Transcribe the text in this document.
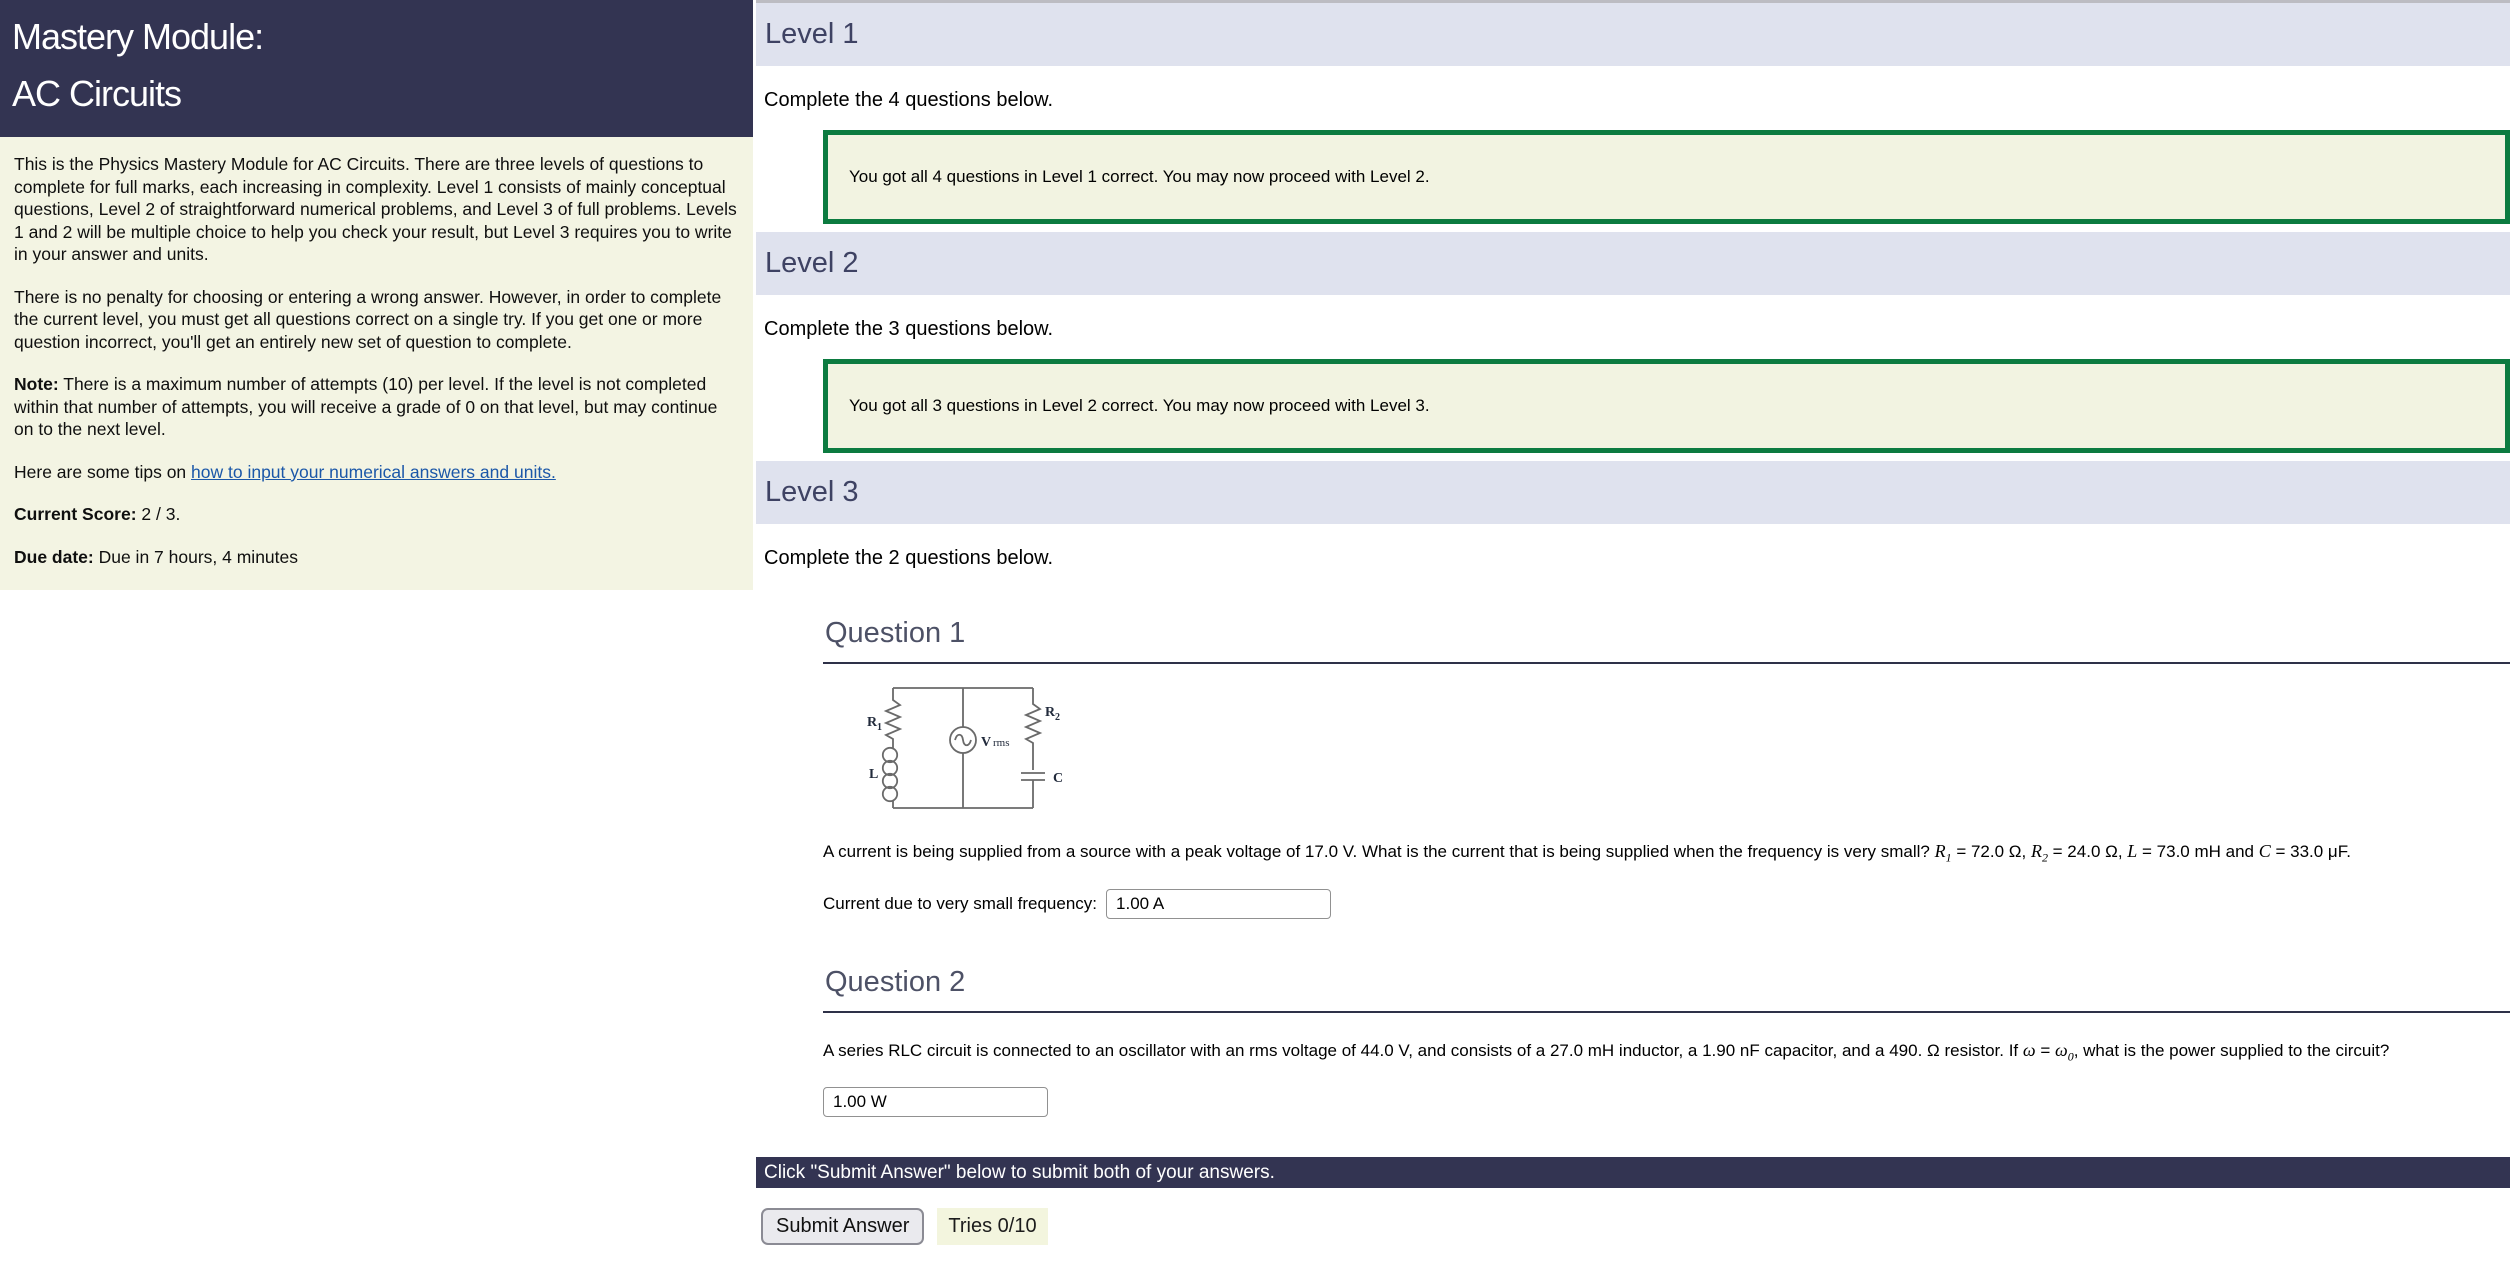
Mastery Module:
AC Circuits

This is the Physics Mastery Module for AC Circuits. There are three levels of questions to complete for full marks, each increasing in complexity. Level 1 consists of mainly conceptual questions, Level 2 of straightforward numerical problems, and Level 3 of full problems. Levels 1 and 2 will be multiple choice to help you check your result, but Level 3 requires you to write in your answer and units.

There is no penalty for choosing or entering a wrong answer. However, in order to complete the current level, you must get all questions correct on a single try. If you get one or more question incorrect, you'll get an entirely new set of question to complete.

Note: There is a maximum number of attempts (10) per level. If the level is not completed within that number of attempts, you will receive a grade of 0 on that level, but may continue on to the next level.

Here are some tips on how to input your numerical answers and units.

Current Score: 2 / 3.

Due date: Due in 7 hours, 4 minutes

Level 1
Complete the 4 questions below.
You got all 4 questions in Level 1 correct. You may now proceed with Level 2.
Level 2
Complete the 3 questions below.
You got all 3 questions in Level 2 correct. You may now proceed with Level 3.
Level 3
Complete the 2 questions below.
Question 1
R 1
L
V rms
R 2
C
A current is being supplied from a source with a peak voltage of 17.0 V. What is the current that is being supplied when the frequency is very small? $R_1 = 72.0$ Ω, $R_2 = 24.0$ Ω, L = 73.0 mH and C = 33.0 μF.
Current due to very small frequency:
1.00 A
Question 2
A series RLC circuit is connected to an oscillator with an rms voltage of 44.0 V, and consists of a 27.0 mH inductor, a 1.90 nF capacitor, and a 490. Ω resistor. If $\omega = \omega_0$, what is the power supplied to the circuit?
1.00 W
Click "Submit Answer" below to submit both of your answers.
Submit Answer	Tries 0/10
